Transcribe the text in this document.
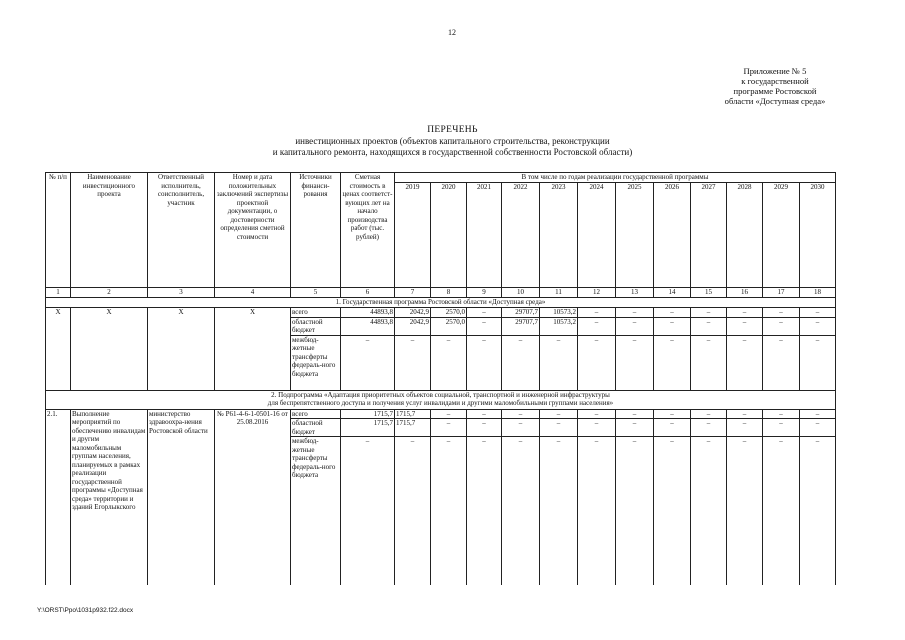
12
Приложение № 5
к государственной
программе Ростовской
области «Доступная среда»
ПЕРЕЧЕНЬ
инвестиционных проектов (объектов капитального строительства, реконструкции
и капитального ремонта, находящихся в государственной собственности Ростовской области)
№ п/п	Наименование инвестиционного проекта	Ответственный исполнитель, соисполнитель, участник	Номер и дата положительных заключений экспертизы проектной документации, о достоверности определения сметной стоимости	Источники финанси-рования	Сметная стоимость в ценах соответст-вующих лет на начало производства работ (тыс. рублей)	В том числе по годам реализации государственной программы											
						2019	2020	2021	2022	2023	2024	2025	2026	2027	2028	2029	2030
1	2	3	4	5	6	7	8	9	10	11	12	13	14	15	16	17	18
1. Государственная программа Ростовской области «Доступная среда»																	
Х	Х	Х	Х	всего	44893,8	2042,9	2570,0	–	29707,7	10573,2	–	–	–	–	–	–	–
				областной бюджет	44893,8	2042,9	2570,0	–	29707,7	10573,2	–	–	–	–	–	–	–
				межбюд-жетные трансферты федераль-ного бюджета	–	–	–	–	–	–	–	–	–	–	–	–	–

2. Подпрограмма «Адаптация приоритетных объектов социальной, транспортной и инженерной инфраструктуры
для беспрепятственного доступа и получения услуг инвалидами и другими маломобильными группами населения»																	

2.1.	Выполнение мероприятий по обеспечению инвалидам и другим маломобильным группам населения, планируемых в рамках реализации государственной программы «Доступная среда» территории и зданий Егорлыкского	министерство здравоохра-нения Ростовской области	№ Р61-4-6-1-0501-16 от 25.08.2016	всего	1715,7	1715,7	–	–	–	–	–	–	–	–	–	–	–
				областной бюджет	1715,7	1715,7	–	–	–	–	–	–	–	–	–	–	–
				межбюд-жетные трансферты федераль-ного бюджета	–	–	–	–	–	–	–	–	–	–	–	–	–
Y:\ORST\Ppo\1031p932.f22.docx
